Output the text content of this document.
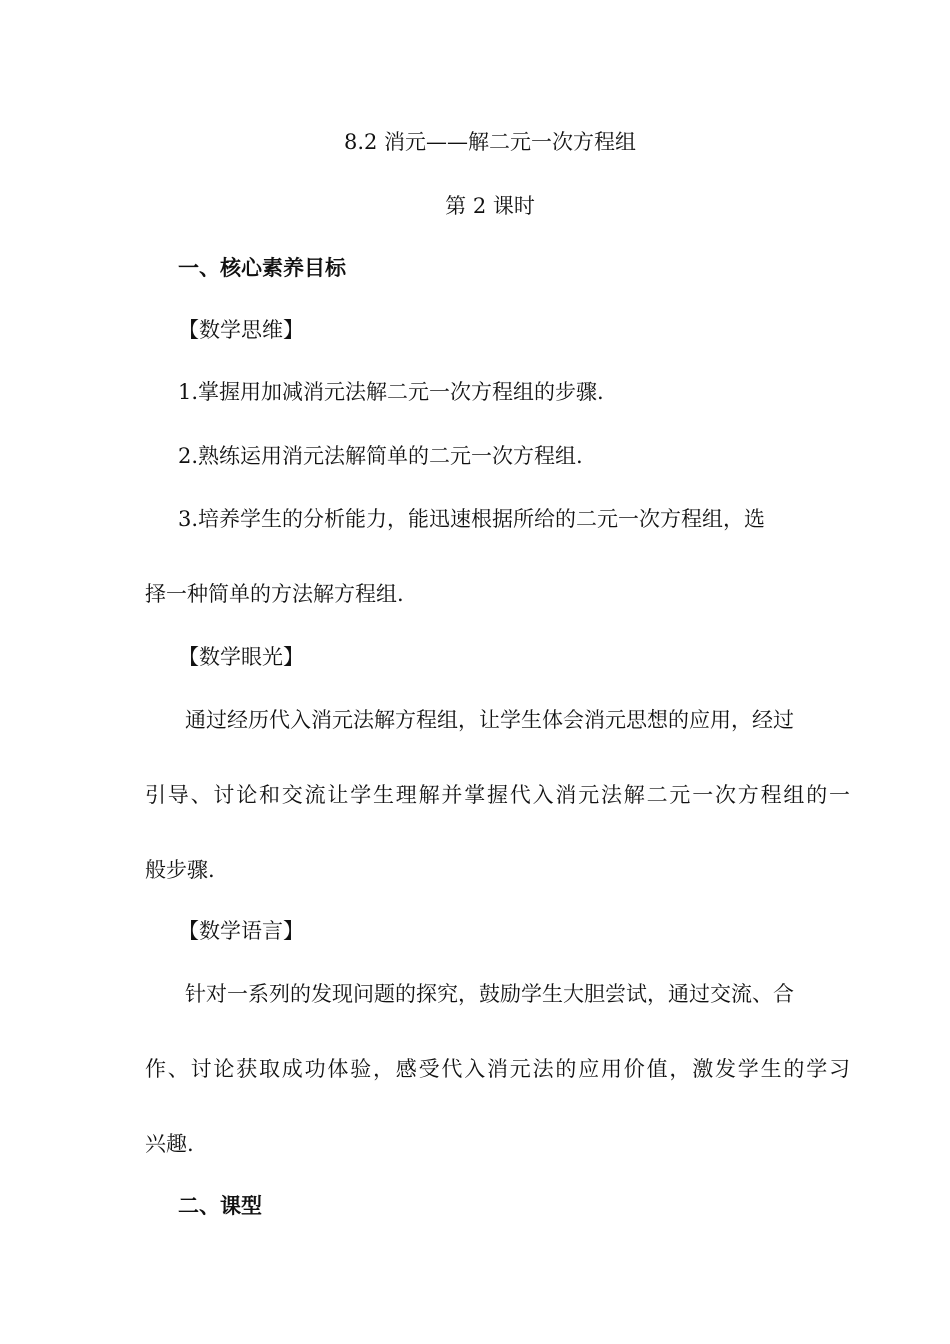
8.2 消元——解二元一次方程组
第 2 课时
一、核心素养目标
【数学思维】
1.掌握用加减消元法解二元一次方程组的步骤.
2.熟练运用消元法解简单的二元一次方程组.
3.培养学生的分析能力，能迅速根据所给的二元一次方程组，选
择一种简单的方法解方程组.
【数学眼光】
通过经历代入消元法解方程组，让学生体会消元思想的应用，经过
引导、讨论和交流让学生理解并掌握代入消元法解二元一次方程组的一
般步骤.
【数学语言】
针对一系列的发现问题的探究，鼓励学生大胆尝试，通过交流、合
作、讨论获取成功体验，感受代入消元法的应用价值，激发学生的学习
兴趣.
二、课型
